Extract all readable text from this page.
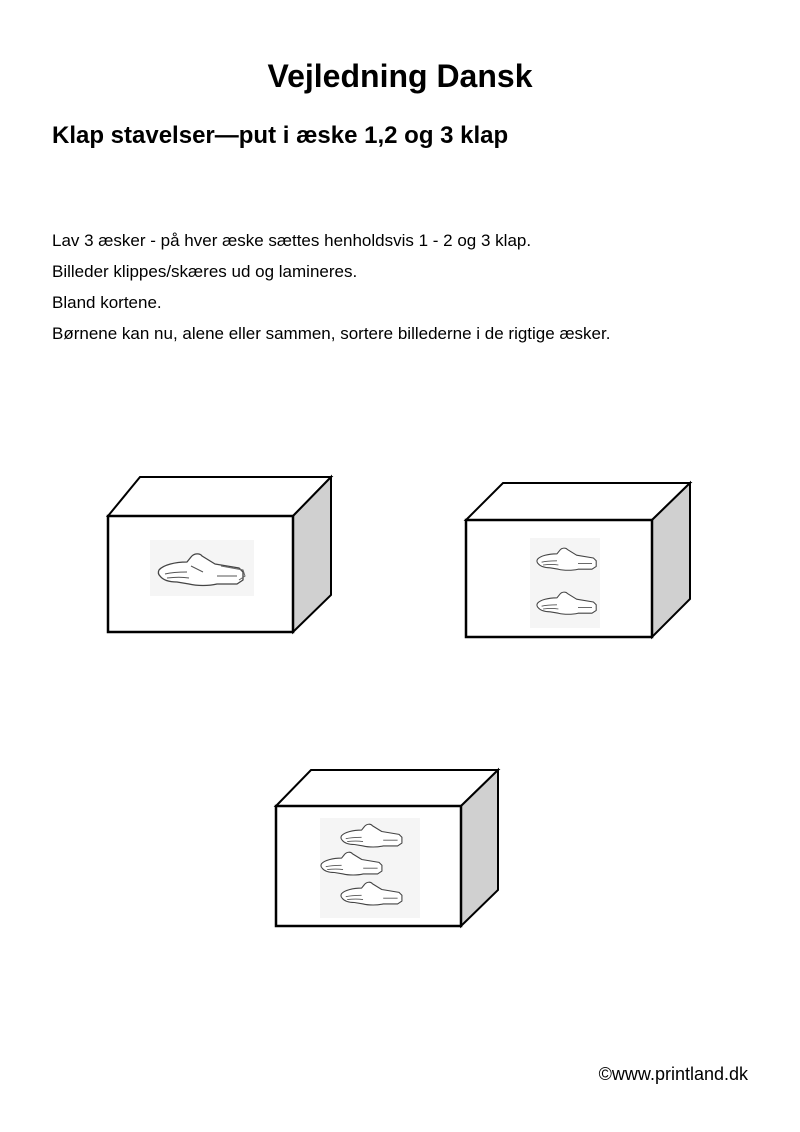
Vejledning Dansk
Klap stavelser—put i æske 1,2 og 3 klap
Lav 3 æsker - på hver æske sættes henholdsvis 1 - 2 og 3 klap.
Billeder klippes/skæres ud og lamineres.
Bland kortene.
Børnene kan nu, alene eller sammen, sortere billederne i de rigtige æsker.
©www.printland.dk
